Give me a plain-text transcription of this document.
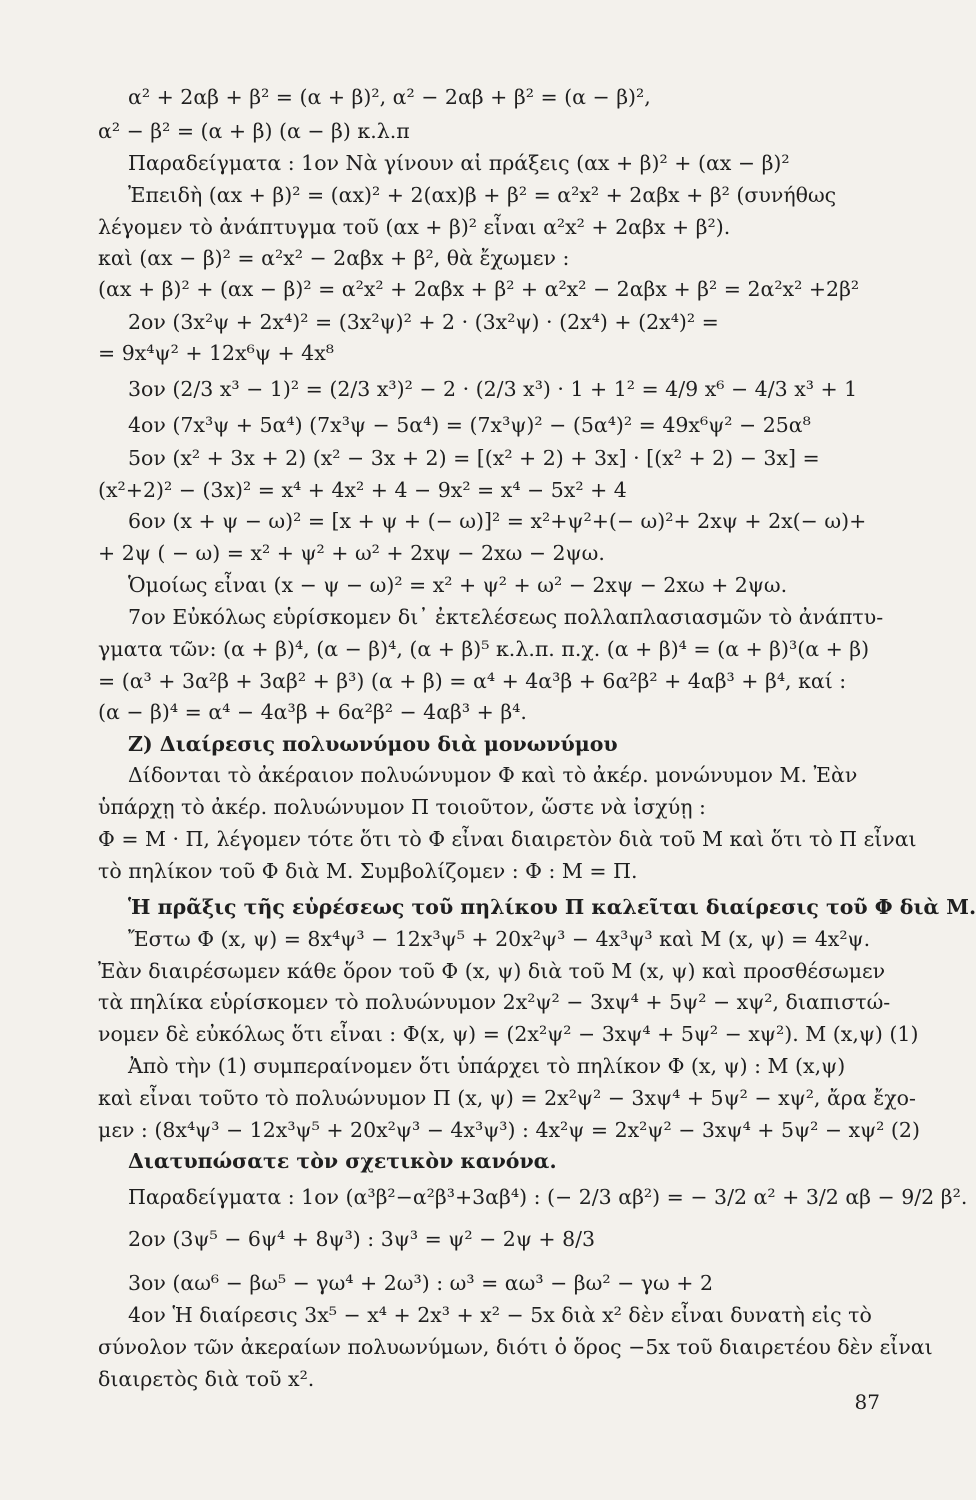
α² + 2αβ + β² = (α + β)², α² − 2αβ + β² = (α − β)²,
α² − β² = (α + β) (α − β) κ.λ.π
Παραδείγματα : 1ον Νὰ γίνουν αἱ πράξεις (αx + β)² + (αx − β)²
Ἐπειδὴ (αx + β)² = (αx)² + 2(αx)β + β² = α²x² + 2αβx + β² (συνήθως
λέγομεν τὸ ἀνάπτυγμα τοῦ (αx + β)² εἶναι α²x² + 2αβx + β²).
καὶ (αx − β)² = α²x² − 2αβx + β², θὰ ἔχωμεν :
(αx + β)² + (αx − β)² = α²x² + 2αβx + β² + α²x² − 2αβx + β² = 2α²x² +2β²
2ον (3x²ψ + 2x⁴)² = (3x²ψ)² + 2 · (3x²ψ) · (2x⁴) + (2x⁴)² =
= 9x⁴ψ² + 12x⁶ψ + 4x⁸
3ον (2/3 x³ − 1)² = (2/3 x³)² − 2 · (2/3 x³) · 1 + 1² = 4/9 x⁶ − 4/3 x³ + 1
4ον (7x³ψ + 5α⁴) (7x³ψ − 5α⁴) = (7x³ψ)² − (5α⁴)² = 49x⁶ψ² − 25α⁸
5ον (x² + 3x + 2) (x² − 3x + 2) = [(x² + 2) + 3x] · [(x² + 2) − 3x] =
(x²+2)² − (3x)² = x⁴ + 4x² + 4 − 9x² = x⁴ − 5x² + 4
6ον (x + ψ − ω)² = [x + ψ + (− ω)]² = x²+ψ²+(− ω)²+ 2xψ + 2x(− ω)+
+ 2ψ ( − ω) = x² + ψ² + ω² + 2xψ − 2xω − 2ψω.
Ὁμοίως εἶναι (x − ψ − ω)² = x² + ψ² + ω² − 2xψ − 2xω + 2ψω.
7ον Εὐκόλως εὑρίσκομεν δι᾽ ἐκτελέσεως πολλαπλασιασμῶν τὸ ἀνάπτυ-
γματα τῶν: (α + β)⁴, (α − β)⁴, (α + β)⁵ κ.λ.π. π.χ. (α + β)⁴ = (α + β)³(α + β)
= (α³ + 3α²β + 3αβ² + β³) (α + β) = α⁴ + 4α³β + 6α²β² + 4αβ³ + β⁴, καί :
(α − β)⁴ = α⁴ − 4α³β + 6α²β² − 4αβ³ + β⁴.
Ζ) Διαίρεσις πολυωνύμου διὰ μονωνύμου
Δίδονται τὸ ἀκέραιον πολυώνυμον Φ καὶ τὸ ἀκέρ. μονώνυμον Μ. Ἐὰν
ὑπάρχῃ τὸ ἀκέρ. πολυώνυμον Π τοιοῦτον, ὥστε νὰ ἰσχύῃ :
Φ = Μ · Π, λέγομεν τότε ὅτι τὸ Φ εἶναι διαιρετὸν διὰ τοῦ Μ καὶ ὅτι τὸ Π εἶναι
τὸ πηλίκον τοῦ Φ διὰ Μ. Συμβολίζομεν : Φ : Μ = Π.
Ἡ πρᾶξις τῆς εὑρέσεως τοῦ πηλίκου Π καλεῖται διαίρεσις τοῦ Φ διὰ Μ.
Ἔστω Φ (x, ψ) = 8x⁴ψ³ − 12x³ψ⁵ + 20x²ψ³ − 4x³ψ³ καὶ Μ (x, ψ) = 4x²ψ.
Ἐὰν διαιρέσωμεν κάθε ὅρον τοῦ Φ (x, ψ) διὰ τοῦ Μ (x, ψ) καὶ προσθέσωμεν
τὰ πηλίκα εὑρίσκομεν τὸ πολυώνυμον 2x²ψ² − 3xψ⁴ + 5ψ² − xψ², διαπιστώ-
νομεν δὲ εὐκόλως ὅτι εἶναι : Φ(x, ψ) = (2x²ψ² − 3xψ⁴ + 5ψ² − xψ²). Μ (x,ψ) (1)
Ἀπὸ τὴν (1) συμπεραίνομεν ὅτι ὑπάρχει τὸ πηλίκον Φ (x, ψ) : Μ (x,ψ)
καὶ εἶναι τοῦτο τὸ πολυώνυμον Π (x, ψ) = 2x²ψ² − 3xψ⁴ + 5ψ² − xψ², ἄρα ἔχο-
μεν : (8x⁴ψ³ − 12x³ψ⁵ + 20x²ψ³ − 4x³ψ³) : 4x²ψ = 2x²ψ² − 3xψ⁴ + 5ψ² − xψ² (2)
Διατυπώσατε τὸν σχετικὸν κανόνα.
Παραδείγματα : 1ον (α³β²−α²β³+3αβ⁴) : (− 2/3 αβ²) = − 3/2 α² + 3/2 αβ − 9/2 β².
2ον (3ψ⁵ − 6ψ⁴ + 8ψ³) : 3ψ³ = ψ² − 2ψ + 8/3
3ον (αω⁶ − βω⁵ − γω⁴ + 2ω³) : ω³ = αω³ − βω² − γω + 2
4ον Ἡ διαίρεσις 3x⁵ − x⁴ + 2x³ + x² − 5x διὰ x² δὲν εἶναι δυνατὴ εἰς τὸ
σύνολον τῶν ἀκεραίων πολυωνύμων, διότι ὁ ὅρος −5x τοῦ διαιρετέου δὲν εἶναι
διαιρετὸς διὰ τοῦ x².
87
